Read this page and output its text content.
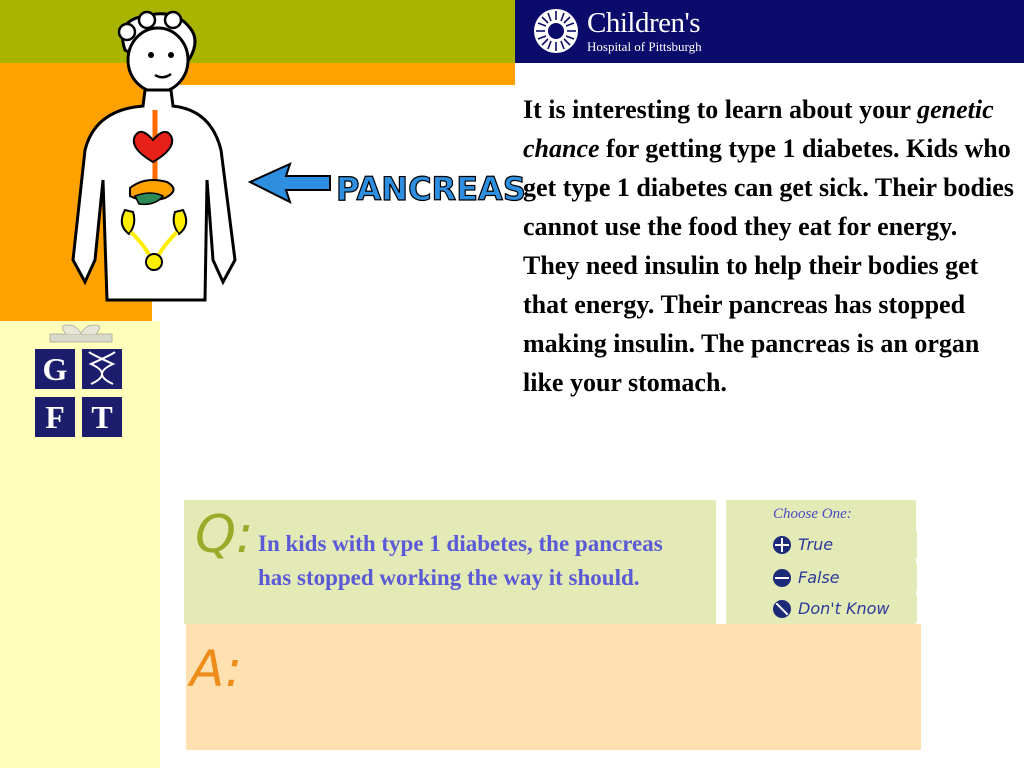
Children's
Hospital of Pittsburgh
PANCREAS
G
F T
It is interesting to learn about your genetic chance for getting type 1 diabetes. Kids who get type 1 diabetes can get sick. Their bodies cannot use the food they eat for energy. They need insulin to help their bodies get that energy. Their pancreas has stopped making insulin. The pancreas is an organ like your stomach.
Q: In kids with type 1 diabetes, the pancreas has stopped working the way it should.
Choose One:
True
False
Don't Know
A:
